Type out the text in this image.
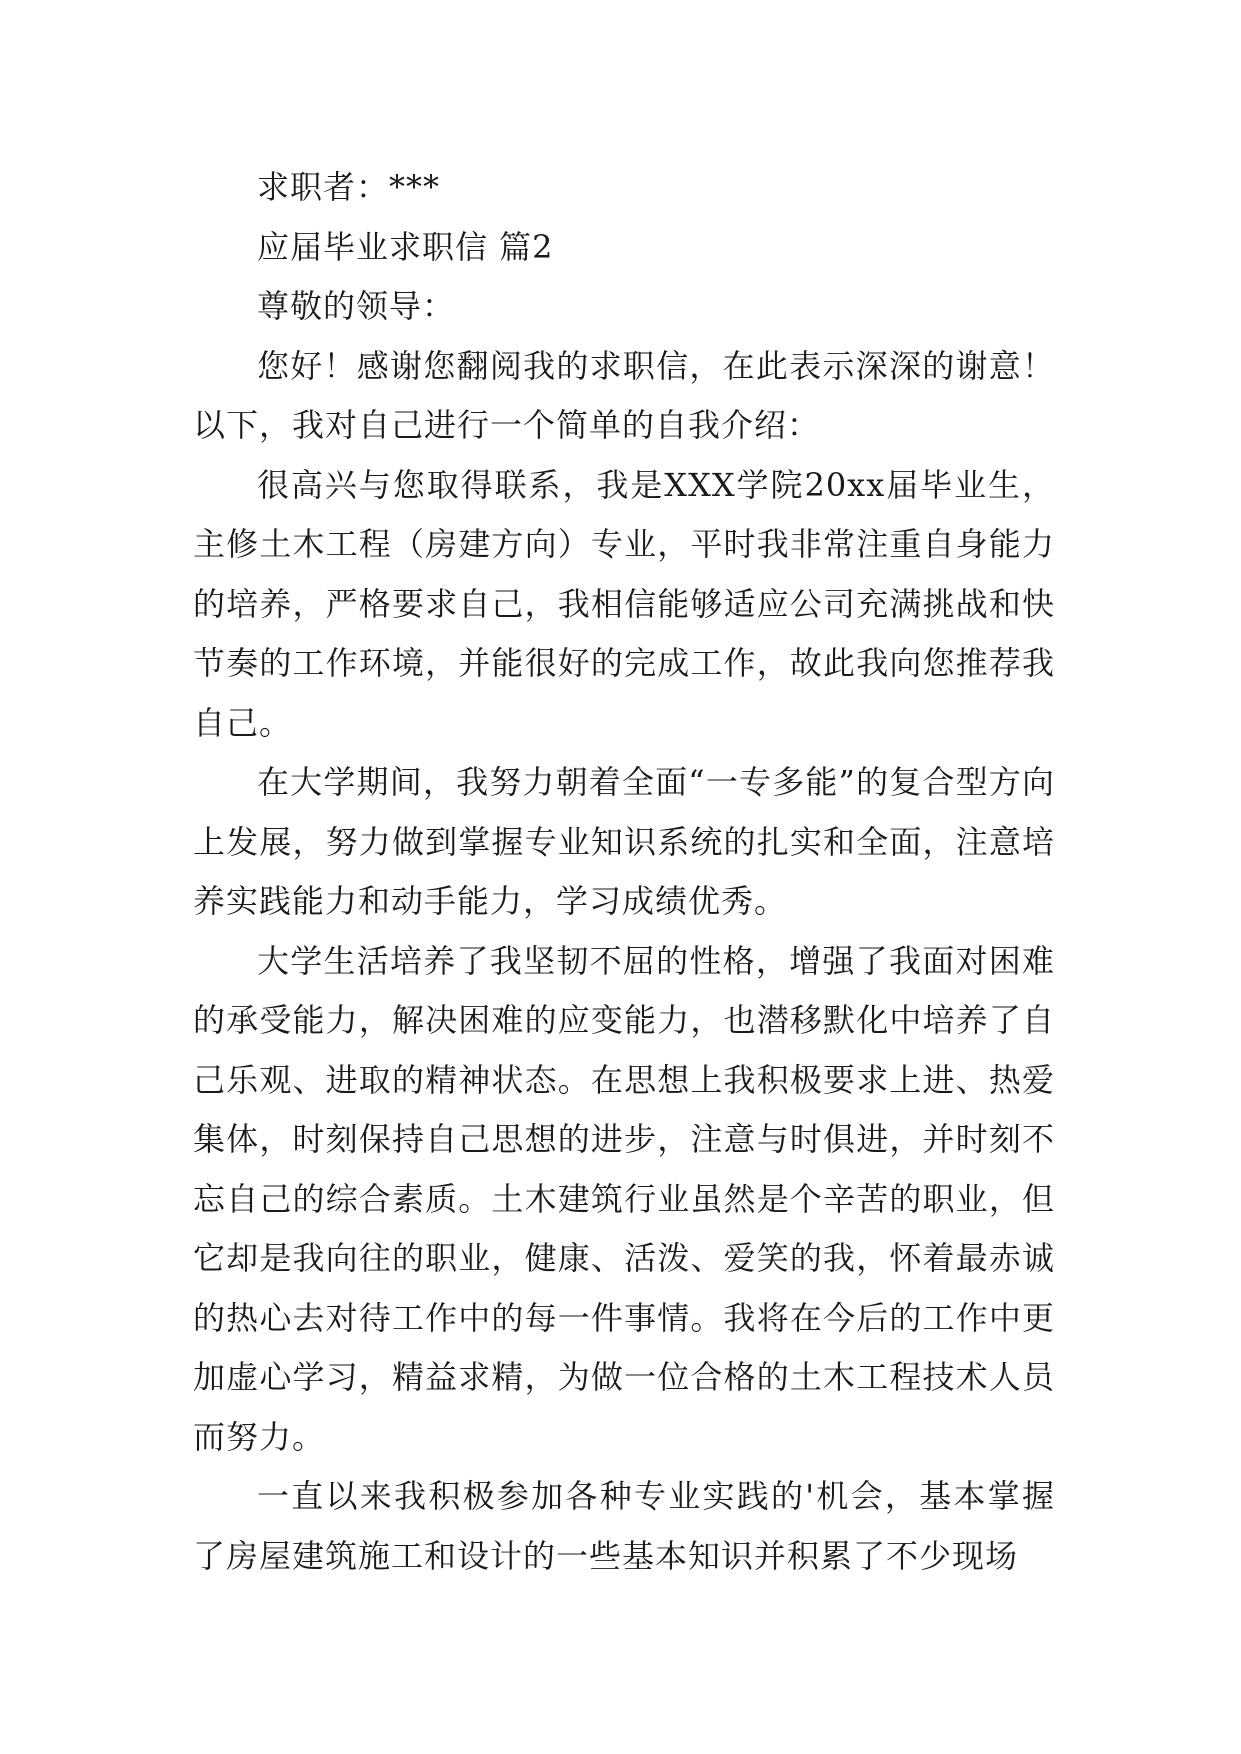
求职者：***

应届毕业求职信 篇2

尊敬的领导：

您好！感谢您翻阅我的求职信，在此表示深深的谢意！以下，我对自己进行一个简单的自我介绍：

很高兴与您取得联系，我是XXX学院20xx届毕业生，主修土木工程（房建方向）专业，平时我非常注重自身能力的培养，严格要求自己，我相信能够适应公司充满挑战和快节奏的工作环境，并能很好的完成工作，故此我向您推荐我自己。

在大学期间，我努力朝着全面“一专多能”的复合型方向上发展，努力做到掌握专业知识系统的扎实和全面，注意培养实践能力和动手能力，学习成绩优秀。

大学生活培养了我坚韧不屈的性格，增强了我面对困难的承受能力，解决困难的应变能力，也潜移默化中培养了自己乐观、进取的精神状态。在思想上我积极要求上进、热爱集体，时刻保持自己思想的进步，注意与时俱进，并时刻不忘自己的综合素质。土木建筑行业虽然是个辛苦的职业，但它却是我向往的职业，健康、活泼、爱笑的我，怀着最赤诚的热心去对待工作中的每一件事情。我将在今后的工作中更加虚心学习，精益求精，为做一位合格的土木工程技术人员而努力。

一直以来我积极参加各种专业实践的'机会，基本掌握了房屋建筑施工和设计的一些基本知识并积累了不少现场
